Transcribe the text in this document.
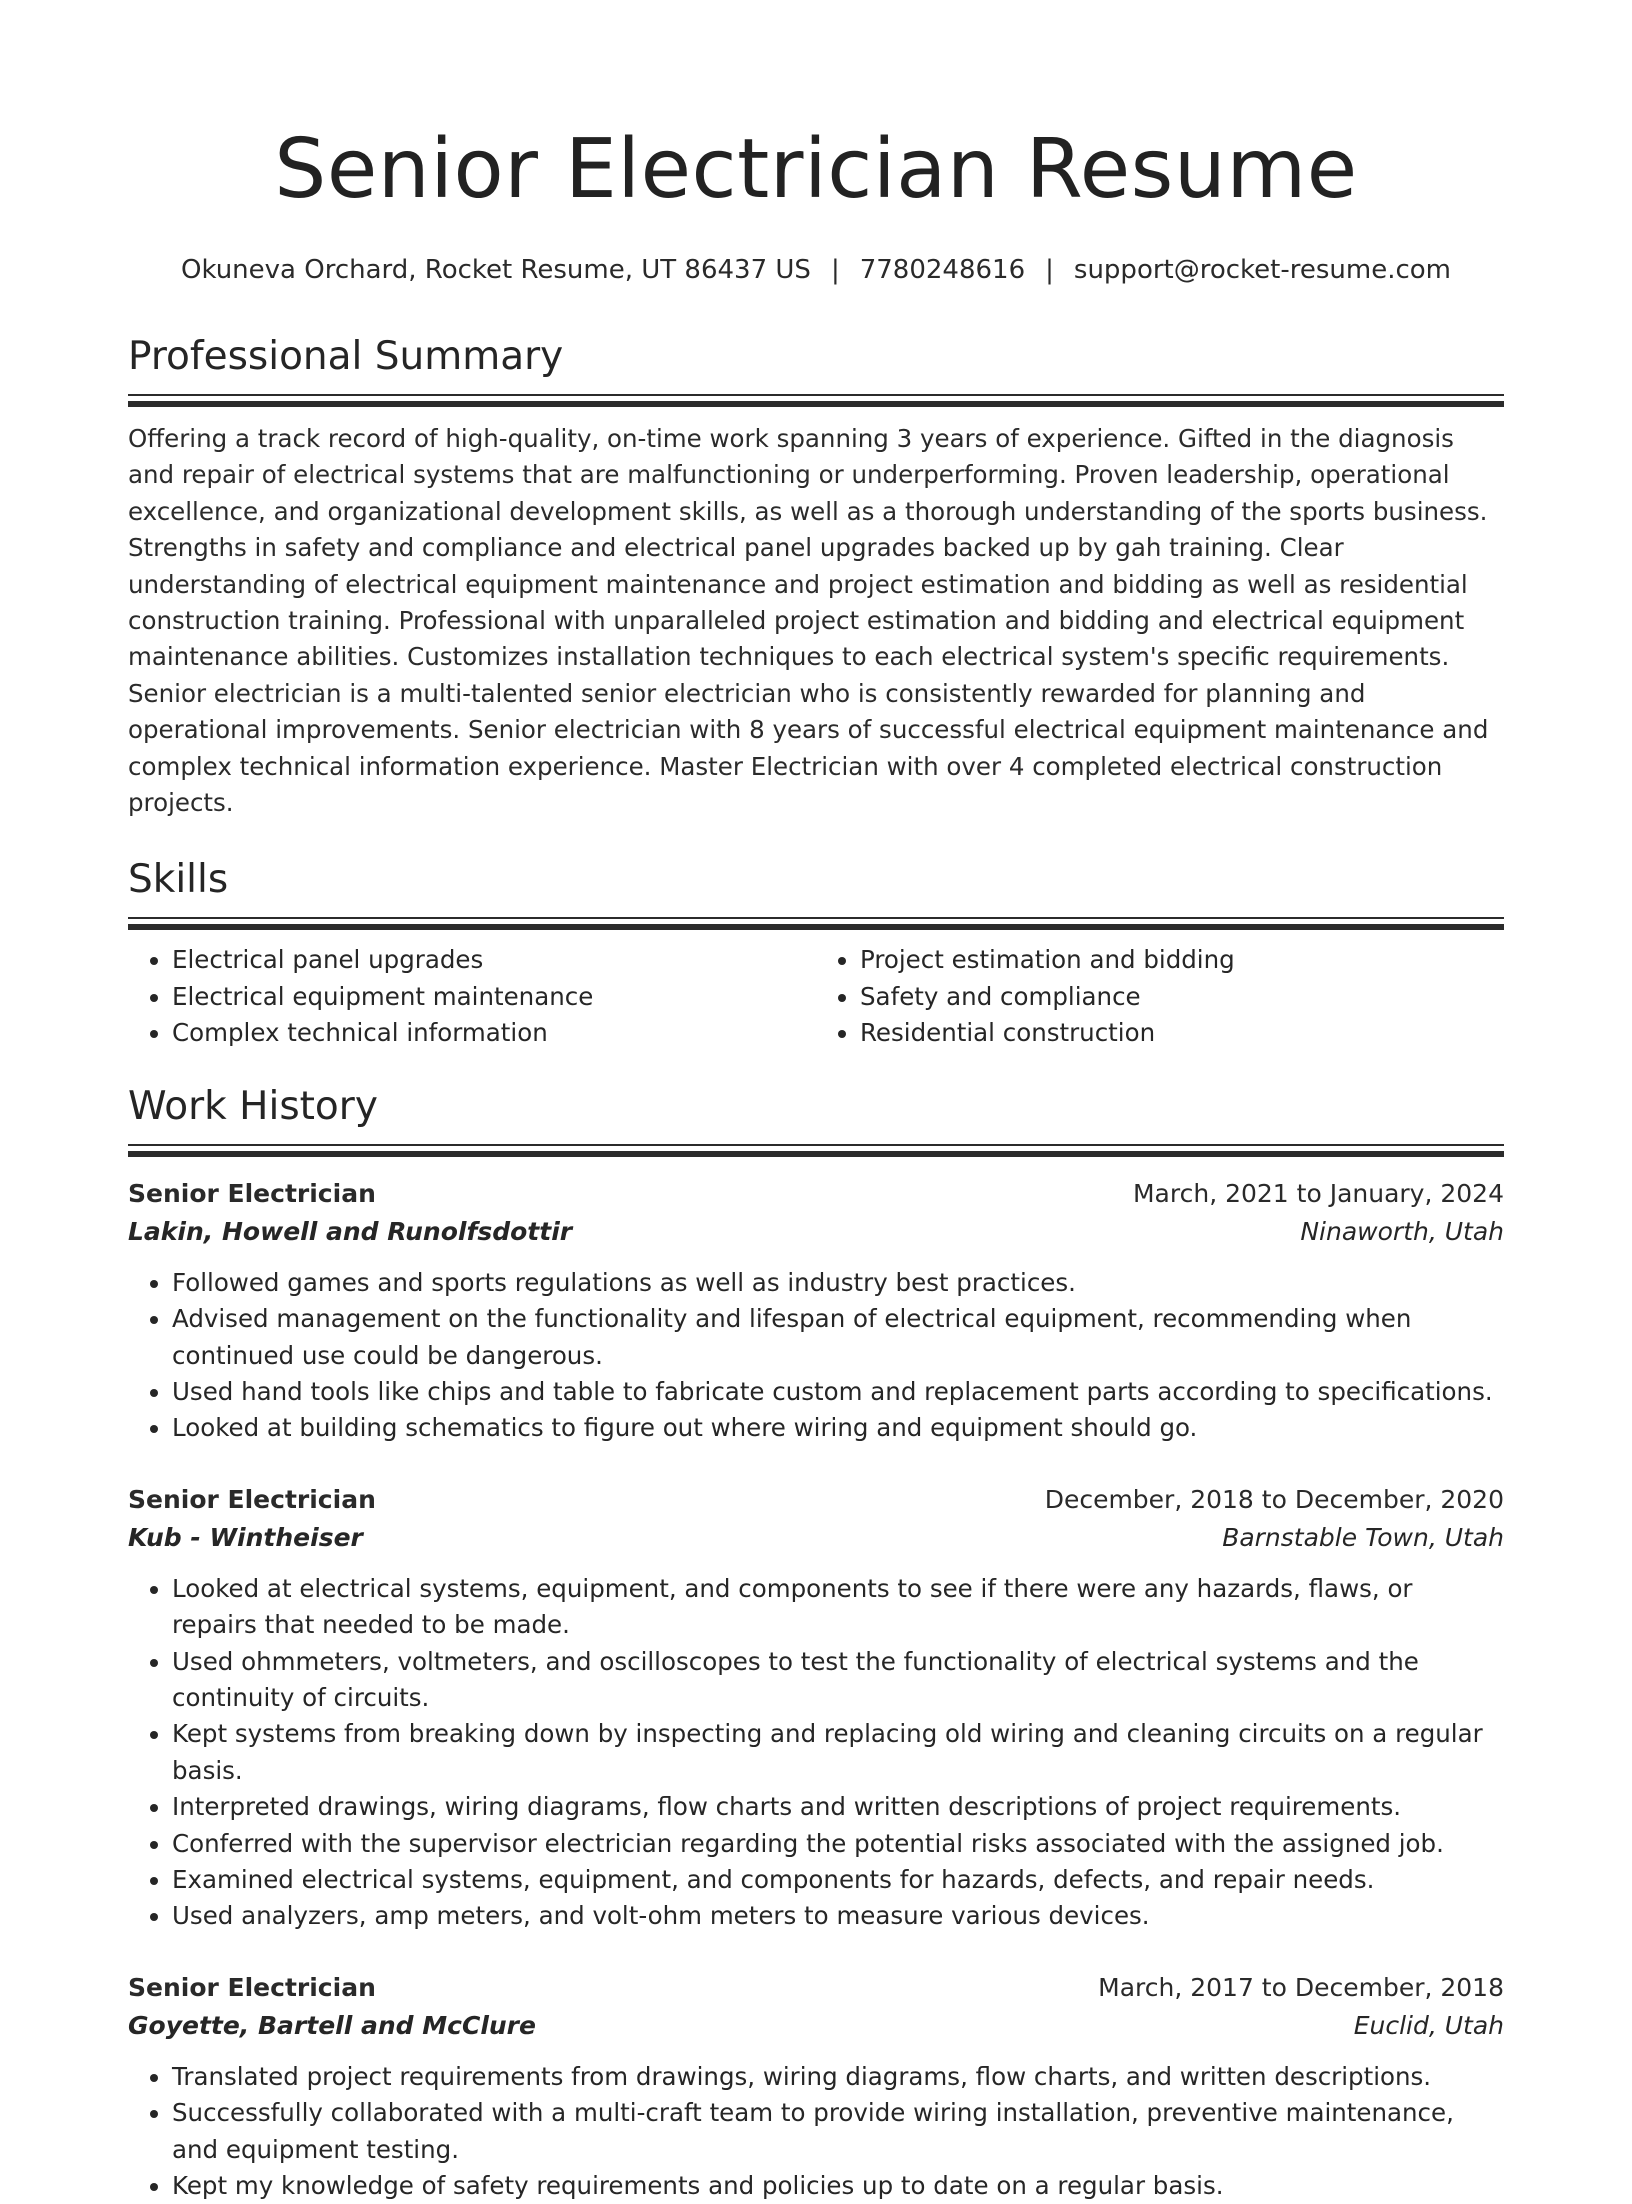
Senior Electrician Resume
Okuneva Orchard, Rocket Resume, UT 86437 US | 7780248616 | support@rocket-resume.com
Professional Summary

Offering a track record of high-quality, on-time work spanning 3 years of experience. Gifted in the diagnosis and repair of electrical systems that are malfunctioning or underperforming. Proven leadership, operational excellence, and organizational development skills, as well as a thorough understanding of the sports business. Strengths in safety and compliance and electrical panel upgrades backed up by gah training. Clear understanding of electrical equipment maintenance and project estimation and bidding as well as residential construction training. Professional with unparalleled project estimation and bidding and electrical equipment maintenance abilities. Customizes installation techniques to each electrical system's specific requirements. Senior electrician is a multi-talented senior electrician who is consistently rewarded for planning and operational improvements. Senior electrician with 8 years of successful electrical equipment maintenance and complex technical information experience. Master Electrician with over 4 completed electrical construction projects.

Skills
• Electrical panel upgrades
• Electrical equipment maintenance
• Complex technical information
• Project estimation and bidding
• Safety and compliance
• Residential construction
Work History
Senior Electrician	March, 2021 to January, 2024
Lakin, Howell and Runolfsdottir	Ninaworth, Utah
• Followed games and sports regulations as well as industry best practices.
• Advised management on the functionality and lifespan of electrical equipment, recommending when continued use could be dangerous.
• Used hand tools like chips and table to fabricate custom and replacement parts according to specifications.
• Looked at building schematics to figure out where wiring and equipment should go.
Senior Electrician	December, 2018 to December, 2020
Kub - Wintheiser	Barnstable Town, Utah
• Looked at electrical systems, equipment, and components to see if there were any hazards, flaws, or repairs that needed to be made.
• Used ohmmeters, voltmeters, and oscilloscopes to test the functionality of electrical systems and the continuity of circuits.
• Kept systems from breaking down by inspecting and replacing old wiring and cleaning circuits on a regular basis.
• Interpreted drawings, wiring diagrams, flow charts and written descriptions of project requirements.
• Conferred with the supervisor electrician regarding the potential risks associated with the assigned job.
• Examined electrical systems, equipment, and components for hazards, defects, and repair needs.
• Used analyzers, amp meters, and volt-ohm meters to measure various devices.
Senior Electrician	March, 2017 to December, 2018
Goyette, Bartell and McClure	Euclid, Utah
• Translated project requirements from drawings, wiring diagrams, flow charts, and written descriptions.
• Successfully collaborated with a multi-craft team to provide wiring installation, preventive maintenance, and equipment testing.
• Kept my knowledge of safety requirements and policies up to date on a regular basis.
